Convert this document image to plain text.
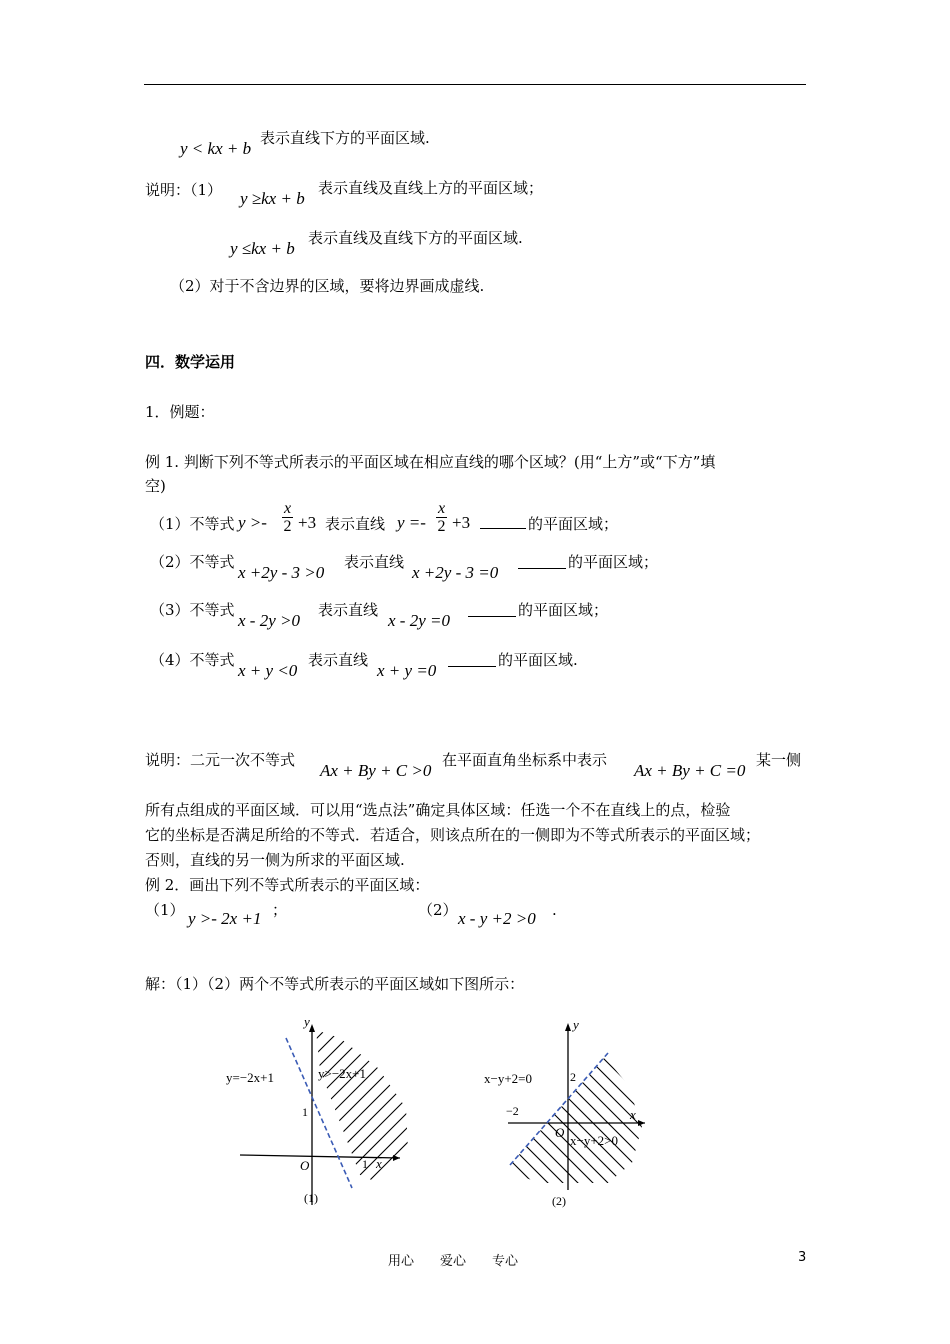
y < kx + b
表示直线下方的平面区域.
说明：（1） y ≥kx + b
表示直线及直线上方的平面区域；
y ≤kx + b
表示直线及直线下方的平面区域.
（2）对于不含边界的区域，要将边界画成虚线.
四．数学运用
1．例题：
例 1. 判断下列不等式所表示的平面区域在相应直线的哪个区域？(用“上方”或“下方”填
空)
（1）不等式 $y >- \frac{x}{2} +3$ 表示直线 $y =- \frac{x}{2} +3$	的平面区域；
（2）不等式
x +2y - 3 >0
表示直线
x +2y - 3 =0
的平面区域；
（3）不等式
x - 2y >0
表示直线
x - 2y =0
的平面区域；
（4）不等式
x + y <0
表示直线
x + y =0
的平面区域.
说明：二元一次不等式
Ax + By + C >0
在平面直角坐标系中表示
Ax + By + C =0
某一侧
所有点组成的平面区域．可以用“选点法”确定具体区域：任选一个不在直线上的点，检验
它的坐标是否满足所给的不等式．若适合，则该点所在的一侧即为不等式所表示的平面区域；
否则，直线的另一侧为所求的平面区域.
例 2．画出下列不等式所表示的平面区域：
（1） y >- 2x +1 ；	（2） x - y +2 >0 .
解：（1）（2）两个不等式所表示的平面区域如下图所示：
y
x
O
1
1
y=−2x+1	y>−2x+1
(1)
y
x
O
2
−2
x−y+2=0
x−y+2>0
(2)
用心　　爱心　　专心	3
